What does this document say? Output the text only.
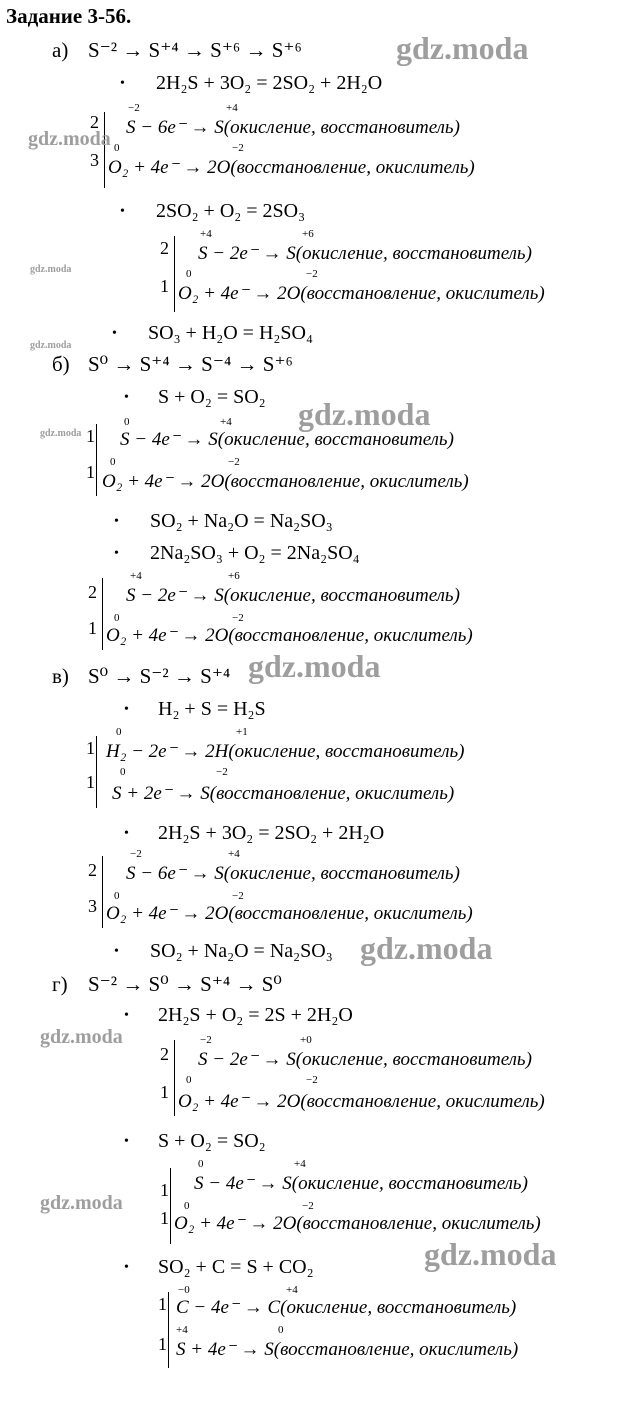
Задание 3-56.
а) S⁻² → S⁺⁴ → S⁺⁶ → S⁺⁶
• 2H₂S + 3O₂ = 2SO₂ + 2H₂O
2
−2	+4
S − 6e⁻ → S(окисление, восстановитель)
3
0	−2
O₂ + 4e⁻ → 2O(восстановление, окислитель)
• 2SO₂ + O₂ = 2SO₃
2
+4	+6
S − 2e⁻ → S(окисление, восстановитель)
1
0	−2
O₂ + 4e⁻ → 2O(восстановление, окислитель)
• SO₃ + H₂O = H₂SO₄
б) S⁰ → S⁺⁴ → S⁻⁴ → S⁺⁶
• S + O₂ = SO₂
1
0	+4
S − 4e⁻ → S(окисление, восстановитель)
1 0	−2
O₂ + 4e⁻ → 2O(восстановление, окислитель)
• SO₂ + Na₂O = Na₂SO₃
• 2Na₂SO₃ + O₂ = 2Na₂SO₄
2
+4	+6
S − 2e⁻ → S(окисление, восстановитель)
1 0	−2
O₂ + 4e⁻ → 2O(восстановление, окислитель)
в) S⁰ → S⁻² → S⁺⁴
• H₂ + S = H₂S
1
0	+1
H₂ − 2e⁻ → 2H(окисление, восстановитель)
1 0	−2
S + 2e⁻ → S(восстановление, окислитель)
• 2H₂S + 3O₂ = 2SO₂ + 2H₂O
2
−2	+4
S − 6e⁻ → S(окисление, восстановитель)
3 0	−2
O₂ + 4e⁻ → 2O(восстановление, окислитель)
• SO₂ + Na₂O = Na₂SO₃
г) S⁻² → S⁰ → S⁺⁴ → S⁰
• 2H₂S + O₂ = 2S + 2H₂O
2
−2	+0
S − 2e⁻ → S(окисление, восстановитель)
1
0	−2
O₂ + 4e⁻ → 2O(восстановление, окислитель)
• S + O₂ = SO₂
1
0	+4
S − 4e⁻ → S(окисление, восстановитель)
1
0	−2
O₂ + 4e⁻ → 2O(восстановление, окислитель)
• SO₂ + C = S + CO₂
1
−0	+4
C − 4e⁻ → C(окисление, восстановитель)
1
+4	0
S + 4e⁻ → S(восстановление, окислитель)
gdz.moda
gdz.moda
gdz.moda
gdz.moda
gdz.moda
gdz.moda
gdz.moda
gdz.moda
gdz.moda
gdz.moda
gdz.moda
